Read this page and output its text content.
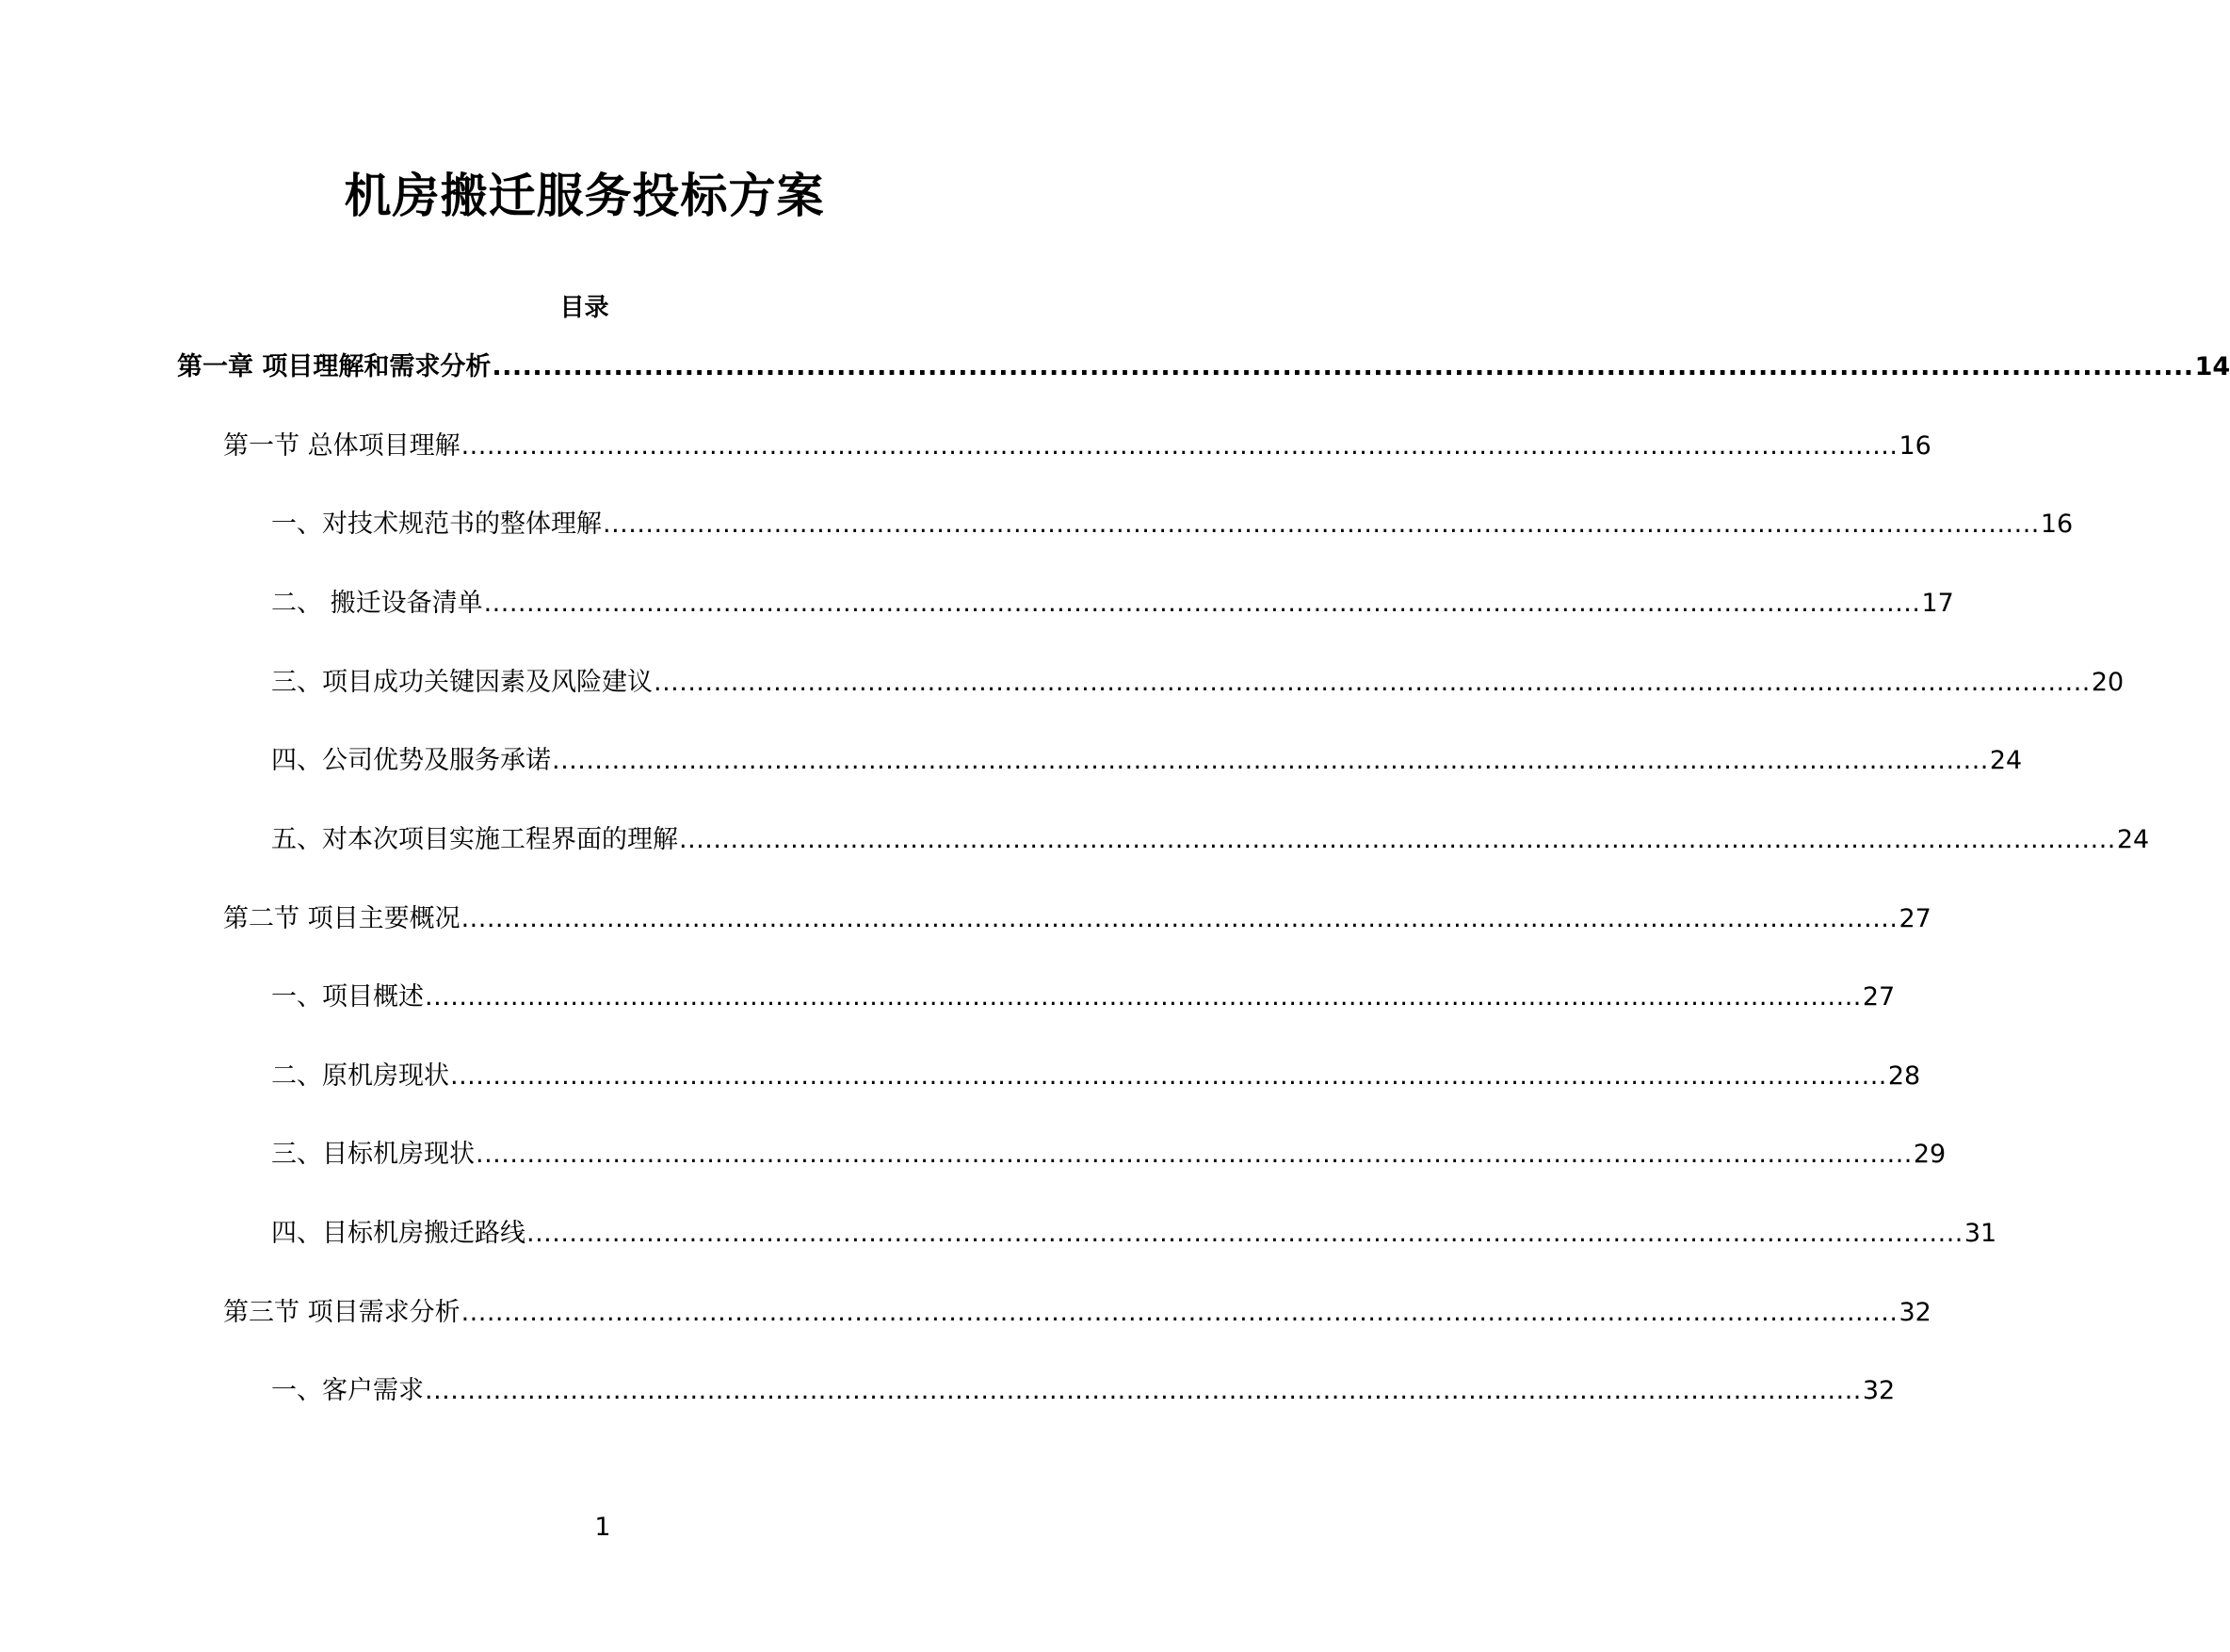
机房搬迁服务投标方案
目录
第一章 项目理解和需求分析 ........................................................................................................................................................................ 14
第一节 总体项目理解 ........................................................................................................................................................................ 16
一、对技术规范书的整体理解 ........................................................................................................................................................................ 16
二、 搬迁设备清单 ........................................................................................................................................................................ 17
三、项目成功关键因素及风险建议 ........................................................................................................................................................................ 20
四、公司优势及服务承诺 ........................................................................................................................................................................ 24
五、对本次项目实施工程界面的理解 ........................................................................................................................................................................ 24
第二节 项目主要概况 ........................................................................................................................................................................ 27
一、项目概述 ........................................................................................................................................................................ 27
二、原机房现状 ........................................................................................................................................................................ 28
三、目标机房现状 ........................................................................................................................................................................ 29
四、目标机房搬迁路线 ........................................................................................................................................................................ 31
第三节 项目需求分析 ........................................................................................................................................................................ 32
一、客户需求 ........................................................................................................................................................................ 32
1
